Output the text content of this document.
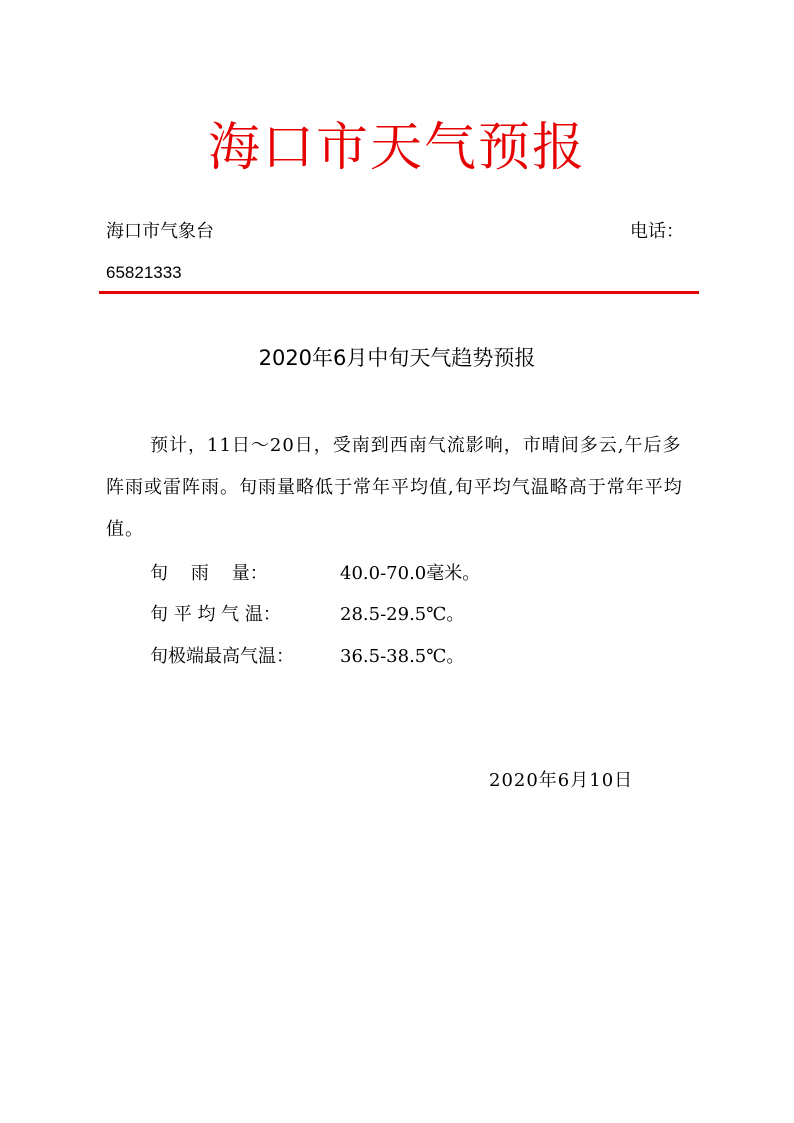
海口市天气预报
海口市气象台	电话：
65821333
2020年6月中旬天气趋势预报
预计，11日～20日，受南到西南气流影响，市晴间多云,午后多阵雨或雷阵雨。旬雨量略低于常年平均值,旬平均气温略高于常年平均值。
旬    雨    量：	40.0-70.0毫米。
旬 平 均 气 温：	28.5-29.5℃。
旬极端最高气温：	36.5-38.5℃。
2020年6月10日
